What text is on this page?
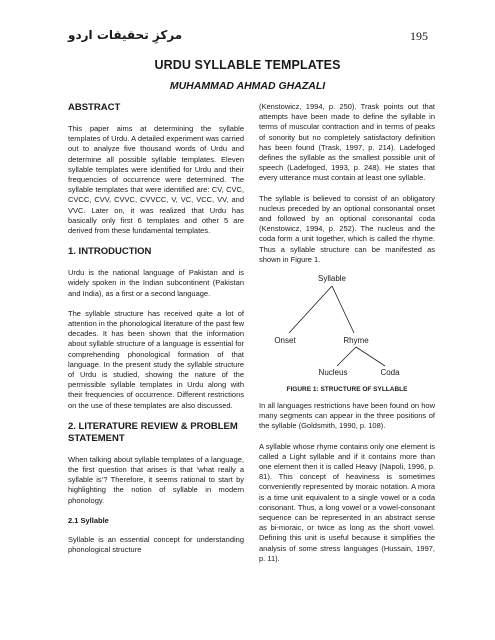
مرکزِ تحقیقات اردو	195
URDU SYLLABLE TEMPLATES
MUHAMMAD AHMAD GHAZALI
ABSTRACT

This paper aims at determining the syllable templates of Urdu. A detailed experiment was carried out to analyze five thousand words of Urdu and determine all possible syllable templates. Eleven syllable templates were identified for Urdu and their frequencies of occurrence were determined. The syllable templates that were identified are: CV, CVC, CVCC, CVV, CVVC, CVVCC, V, VC, VCC, VV, and VVC. Later on, it was realized that Urdu has basically only first 6 templates and other 5 are derived from these fundamental templates.

1. INTRODUCTION

Urdu is the national language of Pakistan and is widely spoken in the Indian subcontinent (Pakistan and India), as a first or a second language.

The syllable structure has received quite a lot of attention in the phonological literature of the past few decades. It has been shown that the information about syllable structure of a language is essential for comprehending phonological formation of that language. In the present study the syllable structure of Urdu is studied, showing the nature of the permissible syllable templates in Urdu along with their frequencies of occurrence. Different restrictions on the use of these templates are also discussed.

2. LITERATURE REVIEW & PROBLEM STATEMENT

When talking about syllable templates of a language, the first question that arises is that ‘what really a syllable is’? Therefore, it seems rational to start by highlighting the notion of syllable in modern phonology.

2.1 Syllable

Syllable is an essential concept for understanding phonological structure

(Kenstowicz, 1994, p. 250). Trask points out that attempts have been made to define the syllable in terms of muscular contraction and in terms of peaks of sonority but no completely satisfactory definition has been found (Trask, 1997, p. 214). Ladefoged defines the syllable as the smallest possible unit of speech (Ladefoged, 1993, p. 248). He states that every utterance must contain at least one syllable.

The syllable is believed to consist of an obligatory nucleus preceded by an optional consonantal onset and followed by an optional consonantal coda (Kenstowicz, 1994, p. 252). The nucleus and the coda form a unit together, which is called the rhyme. Thus a syllable structure can be manifested as shown in Figure 1.

Syllable
Onset	Rhyme
Nucleus	Coda

FIGURE 1: STRUCTURE OF SYLLABLE

In all languages restrictions have been found on how many segments can appear in the three positions of the syllable (Goldsmith, 1990, p. 108).

A syllable whose rhyme contains only one element is called a Light syllable and if it contains more than one element then it is called Heavy (Napoli, 1996, p. 81). This concept of heaviness is sometimes conveniently represented by moraic notation. A mora is a time unit equivalent to a single vowel or a coda consonant. Thus, a long vowel or a vowel-consonant sequence can be represented in an abstract sense as bi-moraic, or twice as long as the short vowel. Defining this unit is useful because it simplifies the analysis of some stress languages (Hussain, 1997, p. 11).
